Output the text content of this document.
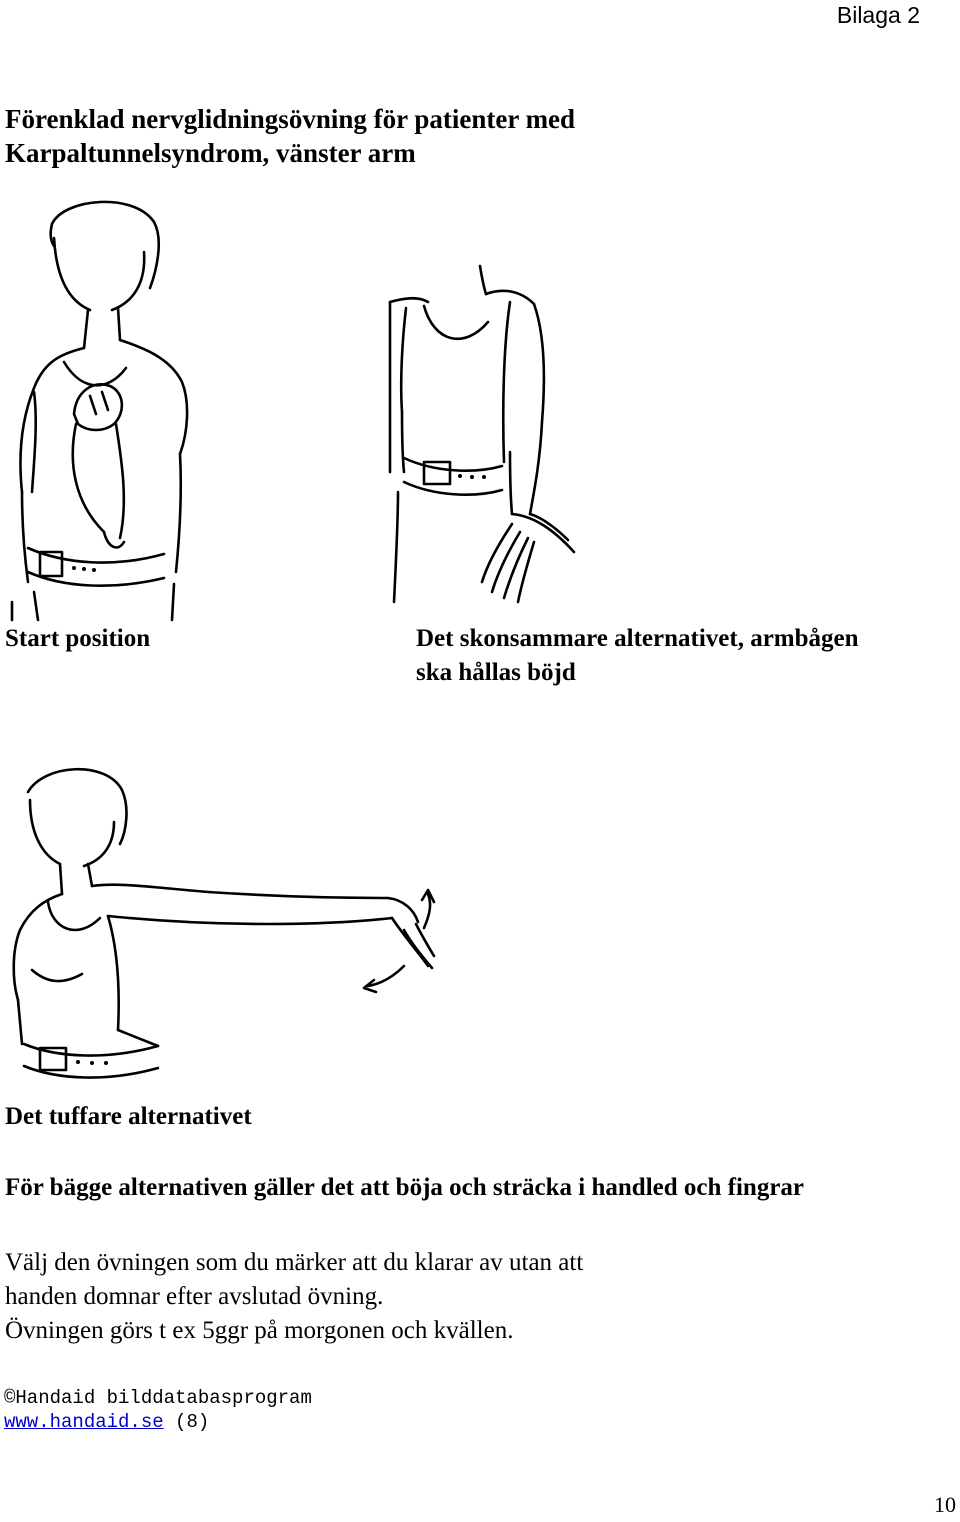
Bilaga 2
Förenklad nervglidningsövning för patienter med
Karpaltunnelsyndrom, vänster arm
Start position	Det skonsammare alternativet, armbågen
ska hållas böjd
Det tuffare alternativet
För bägge alternativen gäller det att böja och sträcka i handled och fingrar
Välj den övningen som du märker att du klarar av utan att
handen domnar efter avslutad övning.
Övningen görs t ex 5ggr på morgonen och kvällen.
©Handaid bilddatabasprogram
www.handaid.se (8)
10
